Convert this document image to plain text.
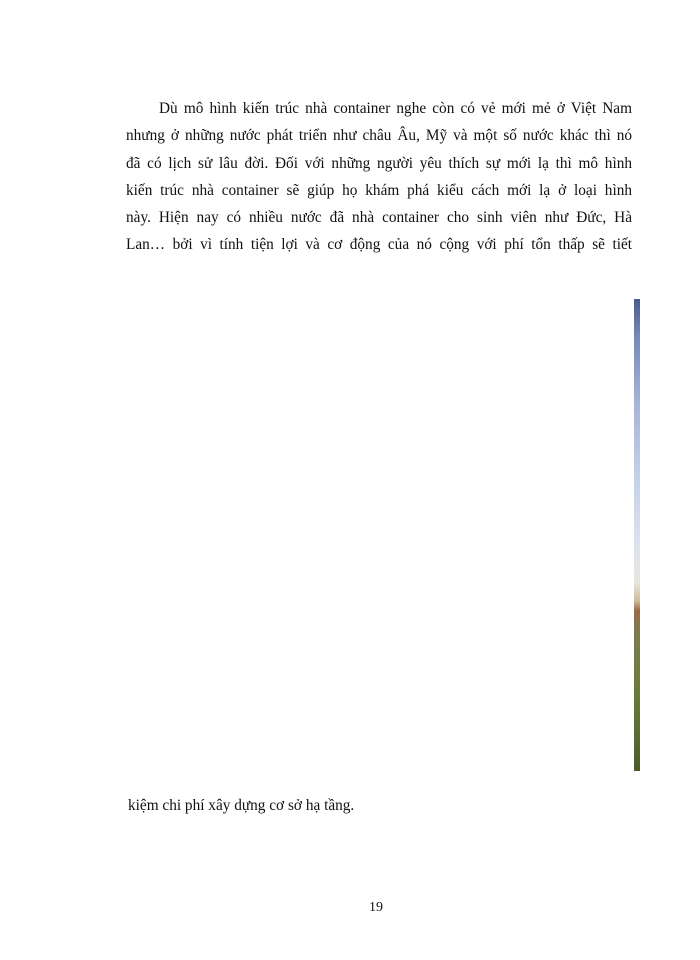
Dù mô hình kiến trúc nhà container nghe còn có vẻ mới mẻ ở Việt Nam
nhưng ở những nước phát triển như châu Âu, Mỹ và một số nước khác thì nó
đã có lịch sử lâu đời. Đối với những người yêu thích sự mới lạ thì mô hình
kiến trúc nhà container sẽ giúp họ khám phá kiểu cách mới lạ ở loại hình
này. Hiện nay có nhiều nước đã nhà container cho sinh viên như Đức, Hà
Lan… bởi vì tính tiện lợi và cơ động của nó cộng với phí tổn thấp sẽ tiết

kiệm chi phí xây dựng cơ sở hạ tầng.

19
